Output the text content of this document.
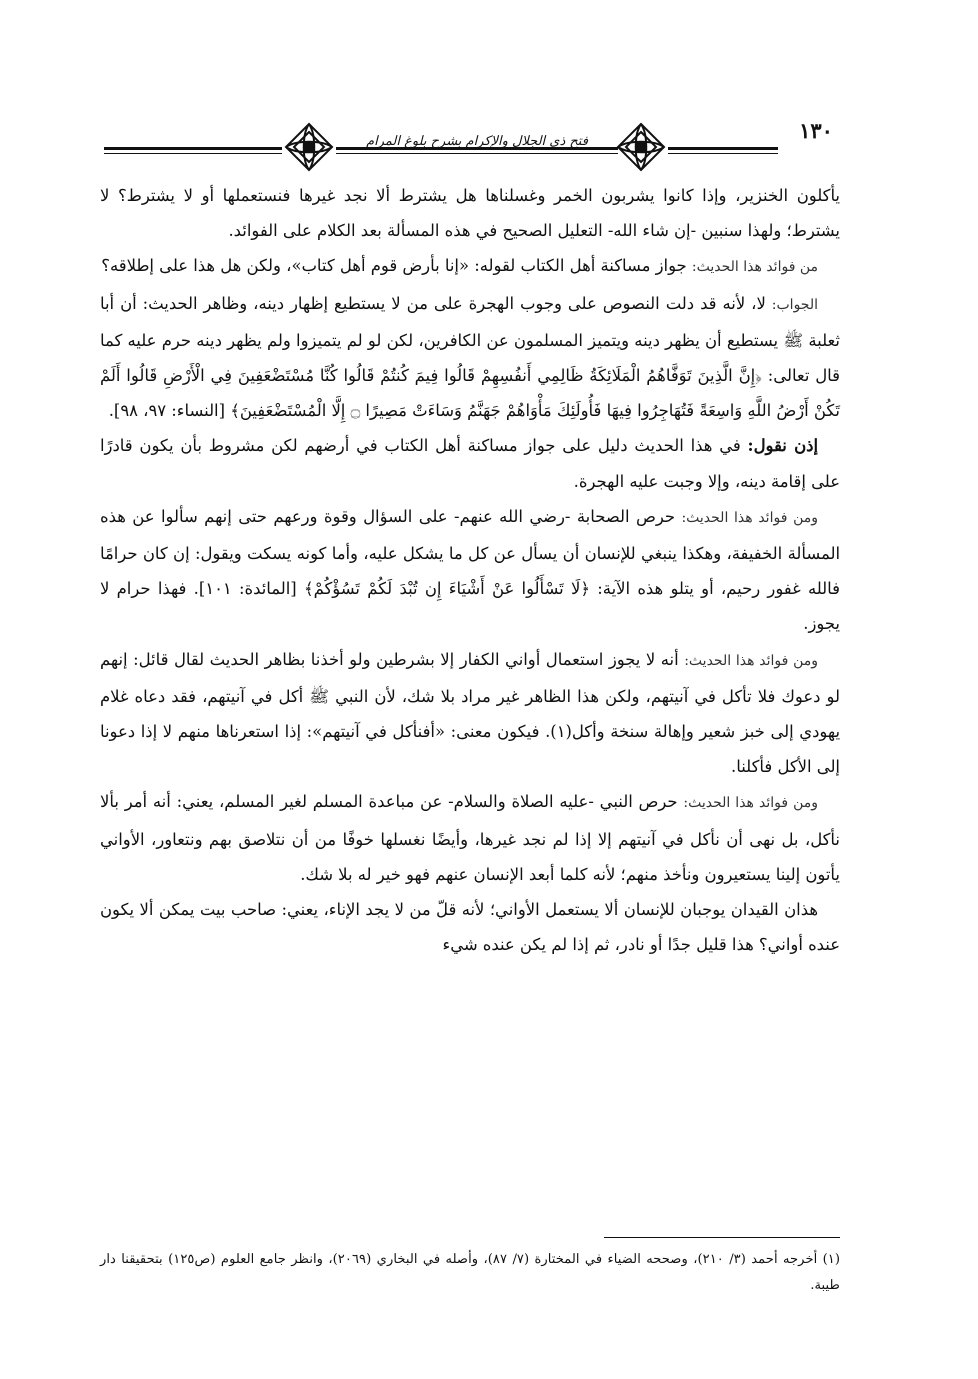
فتح ذي الجلال والإكرام بشرح بلوغ المرام	١٣٠

يأكلون الخنزير، وإذا كانوا يشربون الخمر وغسلناها هل يشترط ألا نجد غيرها فنستعملها أو لا يشترط؟ لا يشترط؛ ولهذا سنبين -إن شاء الله- التعليل الصحيح في هذه المسألة بعد الكلام على الفوائد.

من فوائد هذا الحديث: جواز مساكنة أهل الكتاب لقوله: «إنا بأرض قوم أهل كتاب»، ولكن هل هذا على إطلاقه؟

الجواب: لا، لأنه قد دلت النصوص على وجوب الهجرة على من لا يستطيع إظهار دينه، وظاهر الحديث: أن أبا ثعلبة ﷺ يستطيع أن يظهر دينه ويتميز المسلمون عن الكافرين، لكن لو لم يتميزوا ولم يظهر دينه حرم عليه كما قال تعالى: ﴿إِنَّ الَّذِينَ تَوَفَّاهُمُ الْمَلَائِكَةُ ظَالِمِي أَنفُسِهِمْ قَالُوا فِيمَ كُنتُمْ قَالُوا كُنَّا مُسْتَضْعَفِينَ فِي الْأَرْضِ قَالُوا أَلَمْ تَكُنْ أَرْضُ اللَّهِ وَاسِعَةً فَتُهَاجِرُوا فِيهَا فَأُولَئِكَ مَأْوَاهُمْ جَهَنَّمُ وَسَاءَتْ مَصِيرًا ۝ إِلَّا الْمُسْتَضْعَفِينَ﴾ [النساء: ٩٧، ٩٨].

إذن نقول: في هذا الحديث دليل على جواز مساكنة أهل الكتاب في أرضهم لكن مشروط بأن يكون قادرًا على إقامة دينه، وإلا وجبت عليه الهجرة.

ومن فوائد هذا الحديث: حرص الصحابة -رضي الله عنهم- على السؤال وقوة ورعهم حتى إنهم سألوا عن هذه المسألة الخفيفة، وهكذا ينبغي للإنسان أن يسأل عن كل ما يشكل عليه، وأما كونه يسكت ويقول: إن كان حرامًا فالله غفور رحيم، أو يتلو هذه الآية: ﴿لَا تَسْأَلُوا عَنْ أَشْيَاءَ إِن تُبْدَ لَكُمْ تَسُؤْكُمْ﴾ [المائدة: ١٠١]. فهذا حرام لا يجوز.

ومن فوائد هذا الحديث: أنه لا يجوز استعمال أواني الكفار إلا بشرطين ولو أخذنا بظاهر الحديث لقال قائل: إنهم لو دعوك فلا تأكل في آنيتهم، ولكن هذا الظاهر غير مراد بلا شك، لأن النبي ﷺ أكل في آنيتهم، فقد دعاه غلام يهودي إلى خبز شعير وإهالة سنخة وأكل(١). فيكون معنى: «أفنأكل في آنيتهم»: إذا استعرناها منهم لا إذا دعونا إلى الأكل فأكلنا.

ومن فوائد هذا الحديث: حرص النبي -عليه الصلاة والسلام- عن مباعدة المسلم لغير المسلم، يعني: أنه أمر بألا نأكل، بل نهى أن نأكل في آنيتهم إلا إذا لم نجد غيرها، وأيضًا نغسلها خوفًا من أن نتلاصق بهم ونتعاور، الأواني يأتون إلينا يستعيرون ونأخذ منهم؛ لأنه كلما أبعد الإنسان عنهم فهو خير له بلا شك.

هذان القيدان يوجبان للإنسان ألا يستعمل الأواني؛ لأنه قلّ من لا يجد الإناء، يعني: صاحب بيت يمكن ألا يكون عنده أواني؟ هذا قليل جدًا أو نادر، ثم إذا لم يكن عنده شيء

(١) أخرجه أحمد (٣/ ٢١٠)، وصححه الضياء في المختارة (٧/ ٨٧)، وأصله في البخاري (٢٠٦٩)، وانظر جامع العلوم (ص١٢٥) بتحقيقنا دار طيبة.
